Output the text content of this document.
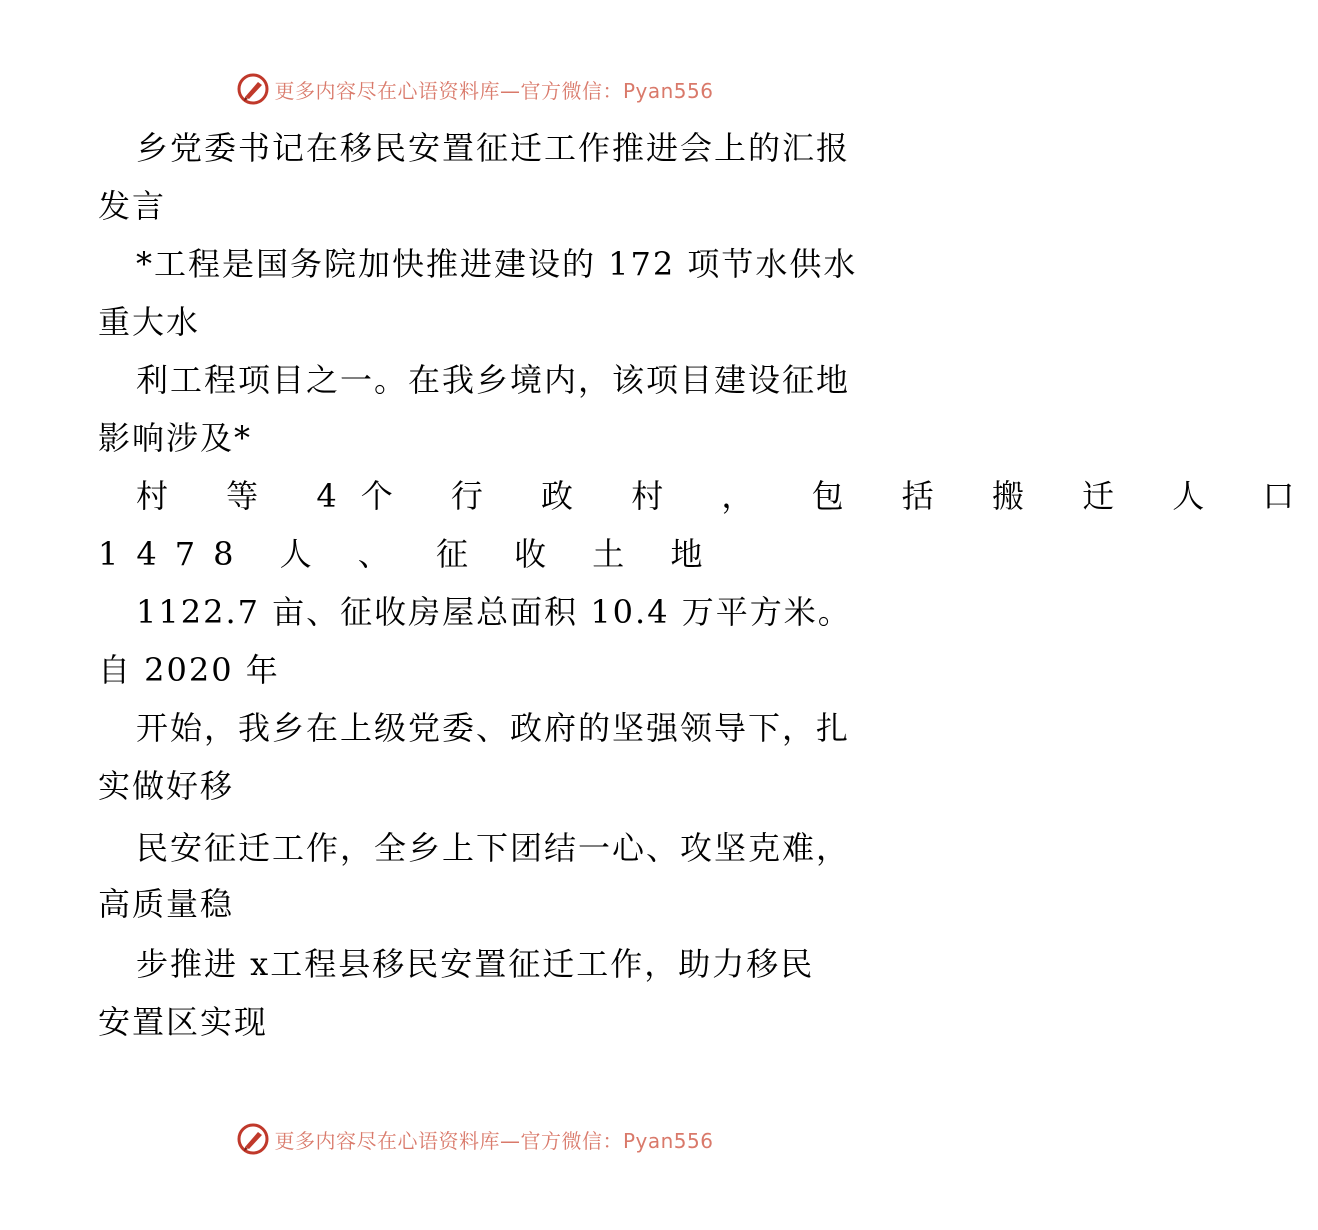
更多内容尽在心语资料库—官方微信：Pyan556
乡党委书记在移民安置征迁工作推进会上的汇报
发言
*工程是国务院加快推进建设的 172 项节水供水
重大水
利工程项目之一。在我乡境内，该项目建设征地
影响涉及*
村 等 4个 行 政 村 ， 包 括 搬 迁 人 口
1478 人 、 征 收 土 地
1122.7 亩、征收房屋总面积 10.4 万平方米。
自 2020 年
开始，我乡在上级党委、政府的坚强领导下，扎
实做好移
民安征迁工作，全乡上下团结一心、攻坚克难，
高质量稳
步推进 x工程县移民安置征迁工作，助力移民
安置区实现
更多内容尽在心语资料库—官方微信：Pyan556
